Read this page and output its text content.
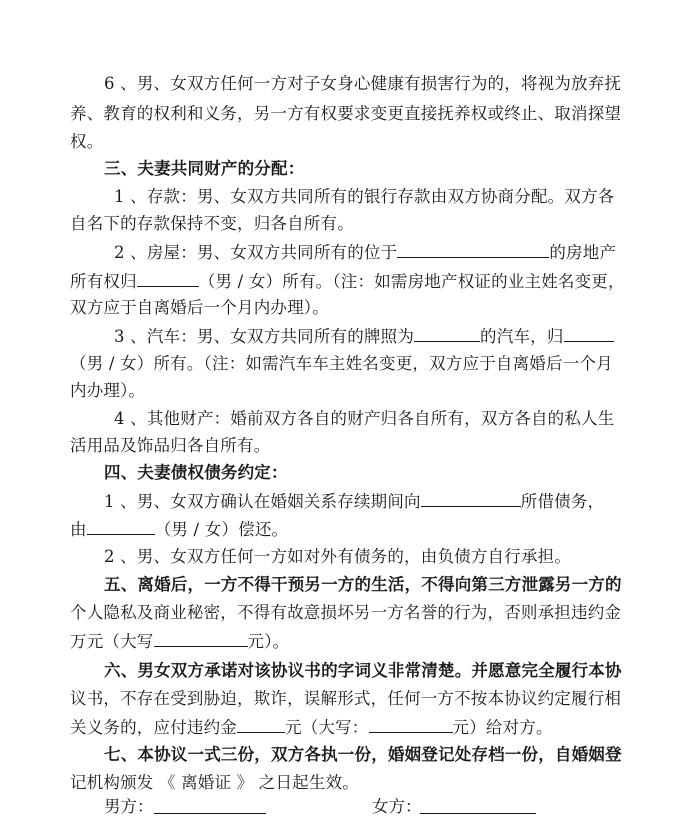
6 、男、女双方任何一方对子女身心健康有损害行为的，将视为放弃抚
养、教育的权利和义务，另一方有权要求变更直接抚养权或终止、取消探望
权。
三、夫妻共同财产的分配：
1 、存款：男、女双方共同所有的银行存款由双方协商分配。双方各
自名下的存款保持不变，归各自所有。
2 、房屋：男、女双方共同所有的位于	的房地产
所有权归	（男 / 女）所有。（注：如需房地产权证的业主姓名变更，
双方应于自离婚后一个月内办理）。
3 、汽车：男、女双方共同所有的牌照为	的汽车，归
（男 / 女）所有。（注：如需汽车车主姓名变更，双方应于自离婚后一个月
内办理）。
4 、其他财产：婚前双方各自的财产归各自所有，双方各自的私人生
活用品及饰品归各自所有。
四、夫妻债权债务约定：
1 、男、女双方确认在婚姻关系存续期间向	所借债务，
由	（男 / 女）偿还。
2 、男、女双方任何一方如对外有债务的，由负债方自行承担。
五、离婚后，一方不得干预另一方的生活，不得向第三方泄露另一方的
个人隐私及商业秘密，不得有故意损坏另一方名誉的行为，否则承担违约金
万元（大写	元）。
六、男女双方承诺对该协议书的字词义非常清楚。并愿意完全履行本协
议书，不存在受到胁迫，欺诈，误解形式，任何一方不按本协议约定履行相
关义务的，应付违约金	元（大写：	元）给对方。
七、本协议一式三份，双方各执一份，婚姻登记处存档一份，自婚姻登
记机构颁发 《 离婚证 》 之日起生效。
男方：	女方：
